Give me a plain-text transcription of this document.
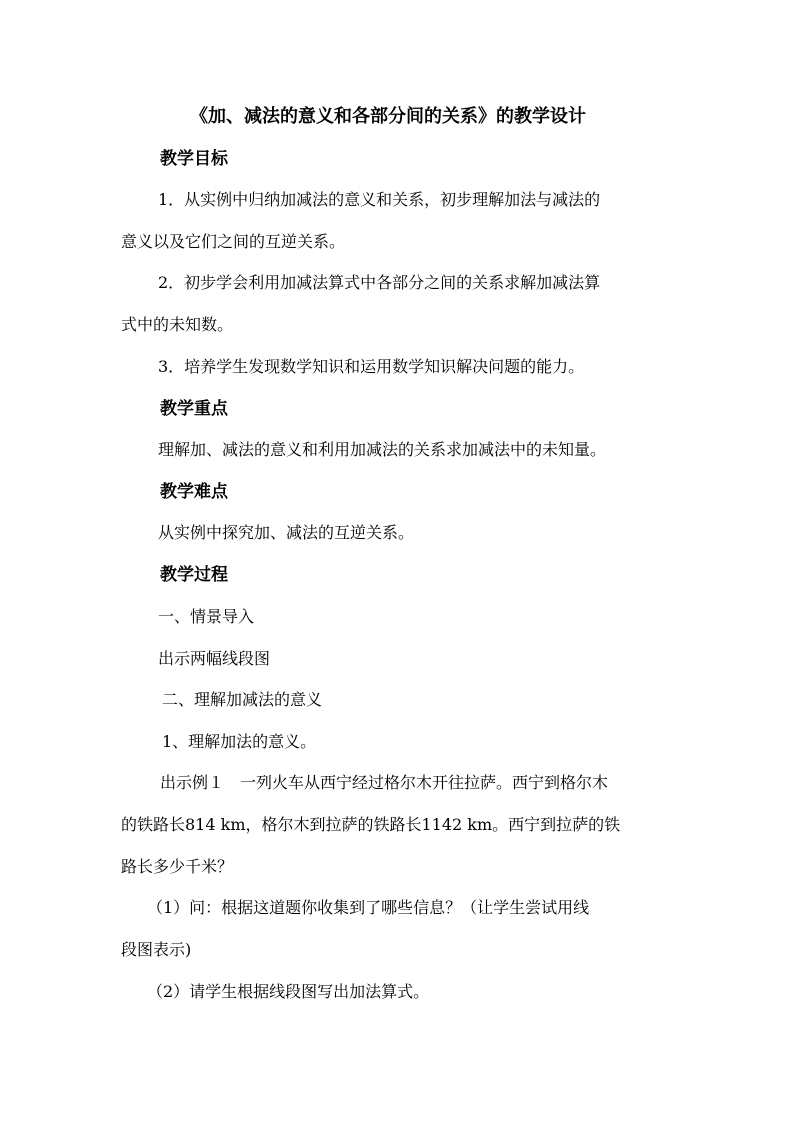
《加、减法的意义和各部分间的关系》的教学设计
教学目标
1．从实例中归纳加减法的意义和关系，初步理解加法与减法的
意义以及它们之间的互逆关系。
2．初步学会利用加减法算式中各部分之间的关系求解加减法算
式中的未知数。
3．培养学生发现数学知识和运用数学知识解决问题的能力。
教学重点
理解加、减法的意义和利用加减法的关系求加减法中的未知量。
教学难点
从实例中探究加、减法的互逆关系。
教学过程
一、情景导入
出示两幅线段图
二、理解加减法的意义
1、理解加法的意义。
出示例１　一列火车从西宁经过格尔木开往拉萨。西宁到格尔木
的铁路长814 km，格尔木到拉萨的铁路长1142 km。西宁到拉萨的铁
路长多少千米？
（1）问：根据这道题你收集到了哪些信息？（让学生尝试用线
段图表示)
（2）请学生根据线段图写出加法算式。
